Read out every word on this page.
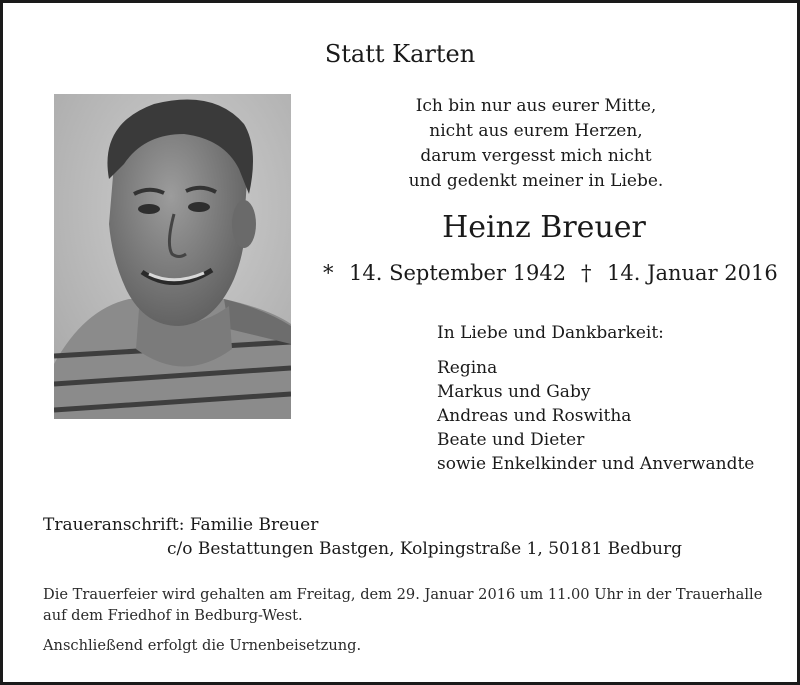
Statt Karten
Ich bin nur aus eurer Mitte,
nicht aus eurem Herzen,
darum vergesst mich nicht
und gedenkt meiner in Liebe.
Heinz Breuer
* 14. September 1942 † 14. Januar 2016
In Liebe und Dankbarkeit:
Regina
Markus und Gaby
Andreas und Roswitha
Beate und Dieter
sowie Enkelkinder und Anverwandte
Traueranschrift: Familie Breuer
c/o Bestattungen Bastgen, Kolpingstraße 1, 50181 Bedburg
Die Trauerfeier wird gehalten am Freitag, dem 29. Januar 2016 um 11.00 Uhr in der Trauerhalle auf dem Friedhof in Bedburg-West.
Anschließend erfolgt die Urnenbeisetzung.
